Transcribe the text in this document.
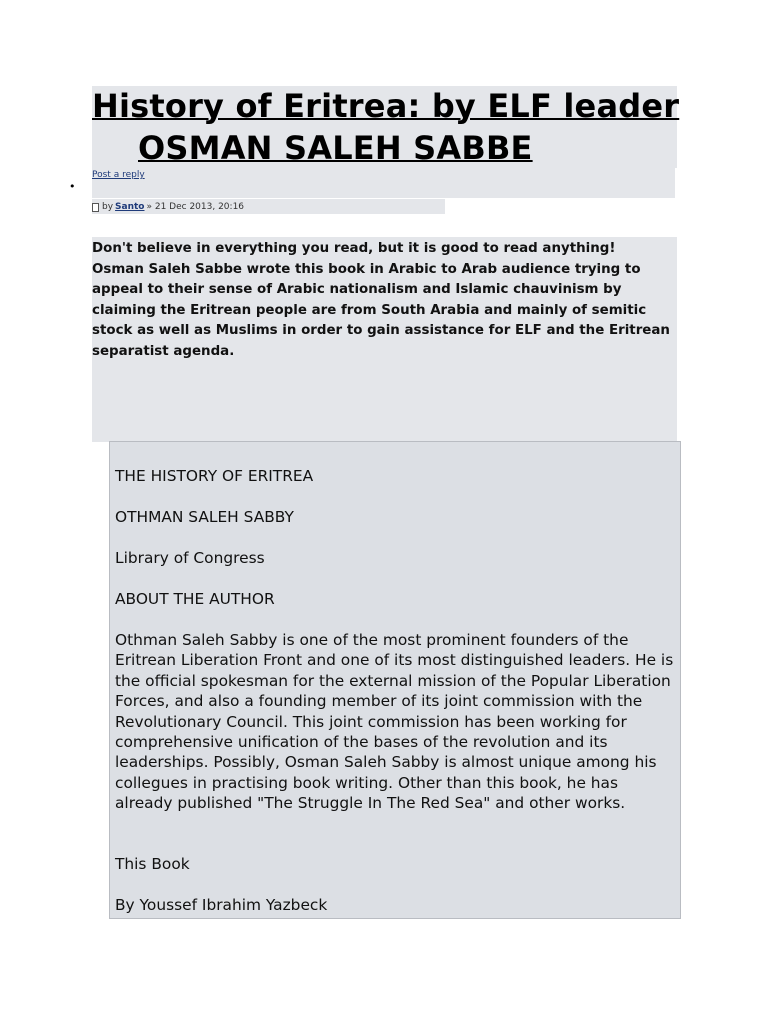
History of Eritrea: by ELF leader
OSMAN SALEH SABBE
Post a reply
•
by Santo » 21 Dec 2013, 20:16

Don't believe in everything you read, but it is good to read anything!

Osman Saleh Sabbe wrote this book in Arabic to Arab audience trying to appeal to their sense of Arabic nationalism and Islamic chauvinism by claiming the Eritrean people are from South Arabia and mainly of semitic stock as well as Muslims in order to gain assistance for ELF and the Eritrean separatist agenda.

THE HISTORY OF ERITREA

OTHMAN SALEH SABBY

Library of Congress

ABOUT THE AUTHOR

Othman Saleh Sabby is one of the most prominent founders of the Eritrean Liberation Front and one of its most distinguished leaders. He is the official spokesman for the external mission of the Popular Liberation Forces, and also a founding member of its joint commission with the Revolutionary Council. This joint commission has been working for comprehensive unification of the bases of the revolution and its leaderships. Possibly, Osman Saleh Sabby is almost unique among his collegues in practising book writing. Other than this book, he has already published "The Struggle In The Red Sea" and other works.

This Book

By Youssef Ibrahim Yazbeck
